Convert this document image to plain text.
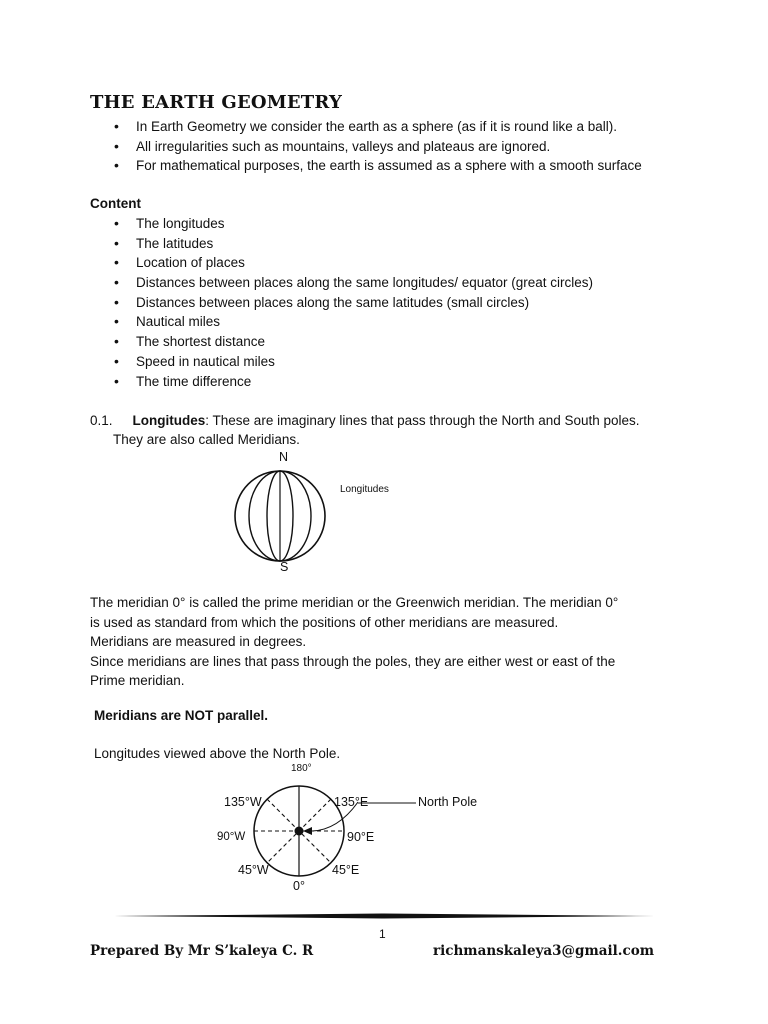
THE EARTH GEOMETRY
• In Earth Geometry we consider the earth as a sphere (as if it is round like a ball).
• All irregularities such as mountains, valleys and plateaus are ignored.
• For mathematical purposes, the earth is assumed as a sphere with a smooth surface
Content
• The longitudes
• The latitudes
• Location of places
• Distances between places along the same longitudes/ equator (great circles)
• Distances between places along the same latitudes (small circles)
• Nautical miles
• The shortest distance
• Speed in nautical miles
• The time difference
0.1. Longitudes: These are imaginary lines that pass through the North and South poles.
They are also called Meridians.
N
Longitudes
S
The meridian 0° is called the prime meridian or the Greenwich meridian. The meridian 0°
is used as standard from which the positions of other meridians are measured.
Meridians are measured in degrees.
Since meridians are lines that pass through the poles, they are either west or east of the
Prime meridian.
Meridians are NOT parallel.
Longitudes viewed above the North Pole.
180°
135°W	135°E	North Pole
90°W	90°E
45°W	45°E
0°
1
Prepared By Mr S’kaleya C. R	richmanskaleya3@gmail.com
